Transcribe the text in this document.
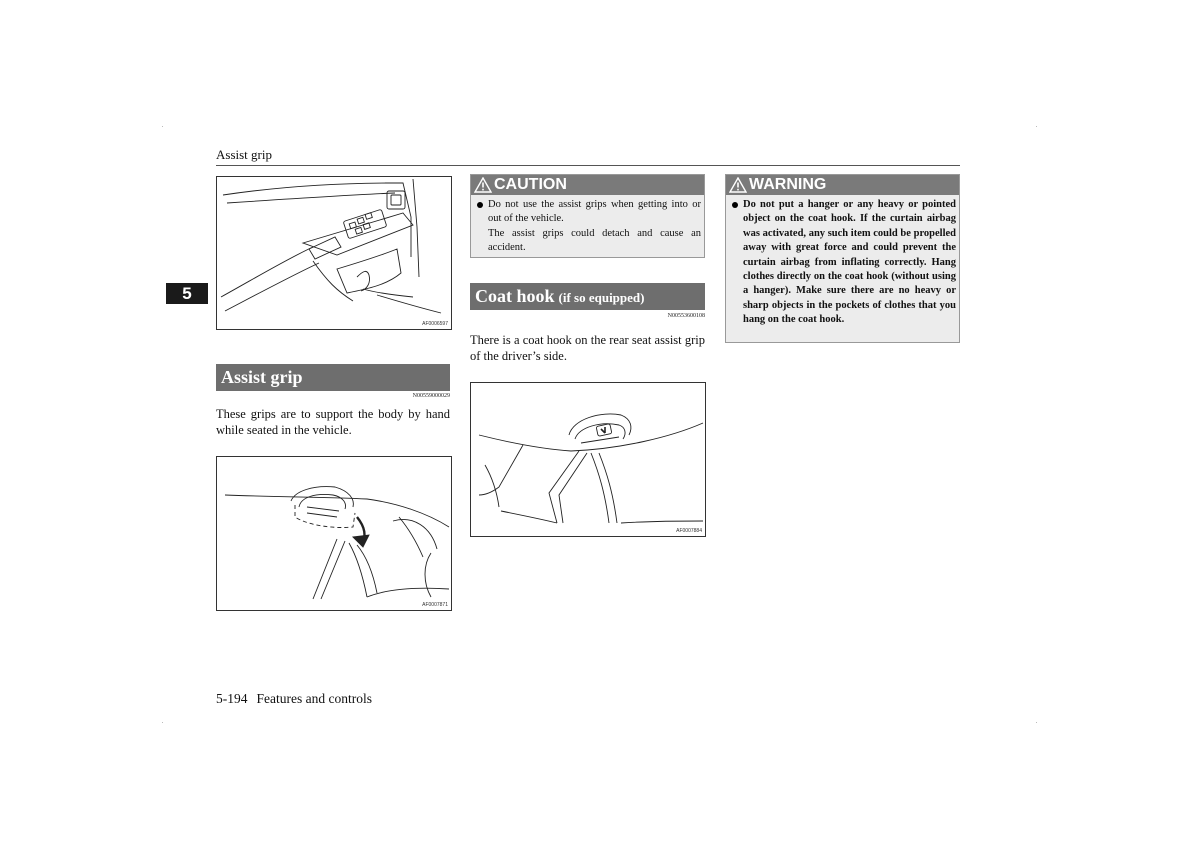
Assist grip
5
AF0006597
Assist grip
N00559000029
These grips are to support the body by hand while seated in the vehicle.
AF0007871
CAUTION
Do not use the assist grips when getting into or out of the vehicle.
The assist grips could detach and cause an accident.
Coat hook (if so equipped)
N00553600108
There is a coat hook on the rear seat assist grip of the driver’s side.
AF0007884
WARNING
Do not put a hanger or any heavy or pointed object on the coat hook. If the curtain airbag was activated, any such item could be propelled away with great force and could prevent the curtain airbag from inflating correctly. Hang clothes directly on the coat hook (without using a hanger). Make sure there are no heavy or sharp objects in the pockets of clothes that you hang on the coat hook.
5-194 Features and controls
